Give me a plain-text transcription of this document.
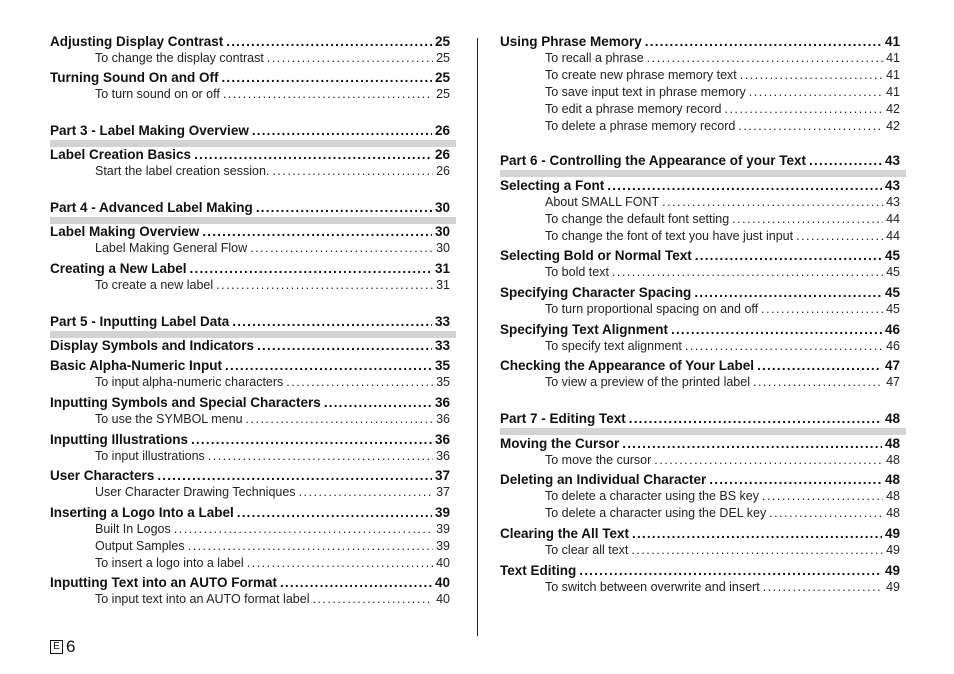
Adjusting Display Contrast .....	25
To change the display contrast .....	25
Turning Sound On and Off .....	25
To turn sound on or off .....	25
Part 3 - Label Making Overview .....	26
Label Creation Basics .....	26
Start the label creation session. .....	26
Part 4 - Advanced Label Making .....	30
Label Making Overview .....	30
Label Making General Flow .....	30
Creating a New Label .....	31
To create a new label .....	31
Part 5 - Inputting Label Data .....	33
Display Symbols and Indicators .....	33
Basic Alpha-Numeric Input .....	35
To input alpha-numeric characters .....	35
Inputting Symbols and Special Characters .....	36
To use the SYMBOL menu .....	36
Inputting Illustrations .....	36
To input illustrations .....	36
User Characters .....	37
User Character Drawing Techniques .....	37
Inserting a Logo Into a Label .....	39
Built In Logos .....	39
Output Samples .....	39
To insert a logo into a label .....	40
Inputting Text into an AUTO Format .....	40
To input text into an AUTO format label .....	40
Using Phrase Memory .....	41
To recall a phrase .....	41
To create new phrase memory text .....	41
To save input text in phrase memory .....	41
To edit a phrase memory record .....	42
To delete a phrase memory record .....	42
Part 6 - Controlling the Appearance of your Text .....	43
Selecting a Font .....	43
About SMALL FONT .....	43
To change the default font setting .....	44
To change the font of text you have just input .....	44
Selecting Bold or Normal Text .....	45
To bold text .....	45
Specifying Character Spacing .....	45
To turn proportional spacing on and off .....	45
Specifying Text Alignment .....	46
To specify text alignment .....	46
Checking the Appearance of Your Label .....	47
To view a preview of the printed label .....	47
Part 7 - Editing Text .....	48
Moving the Cursor .....	48
To move the cursor .....	48
Deleting an Individual Character .....	48
To delete a character using the BS key .....	48
To delete a character using the DEL key .....	48
Clearing the All Text .....	49
To clear all text .....	49
Text Editing .....	49
To switch between overwrite and insert .....	49
E 6
